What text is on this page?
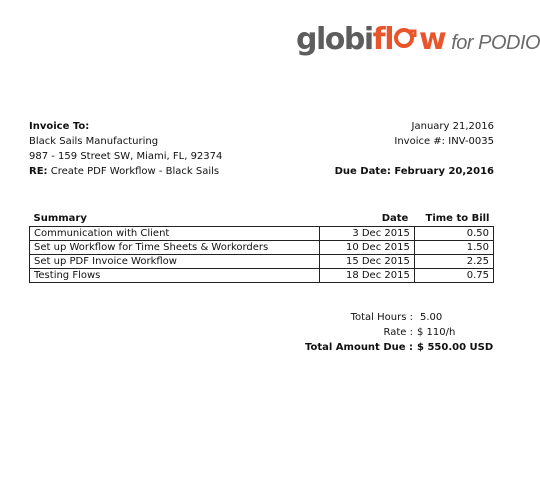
globifl w for PODIO
Invoice To:
Black Sails Manufacturing
987 - 159 Street SW, Miami, FL, 92374
RE: Create PDF Workflow - Black Sails
January 21,2016
Invoice #: INV-0035
Due Date: February 20,2016
Summary	Date	Time to Bill
Communication with Client	3 Dec 2015	0.50
Set up Workflow for Time Sheets & Workorders	10 Dec 2015	1.50
Set up PDF Invoice Workflow	15 Dec 2015	2.25
Testing Flows	18 Dec 2015	0.75
Total Hours : 5.00
Rate : $ 110/h
Total Amount Due : $ 550.00 USD
